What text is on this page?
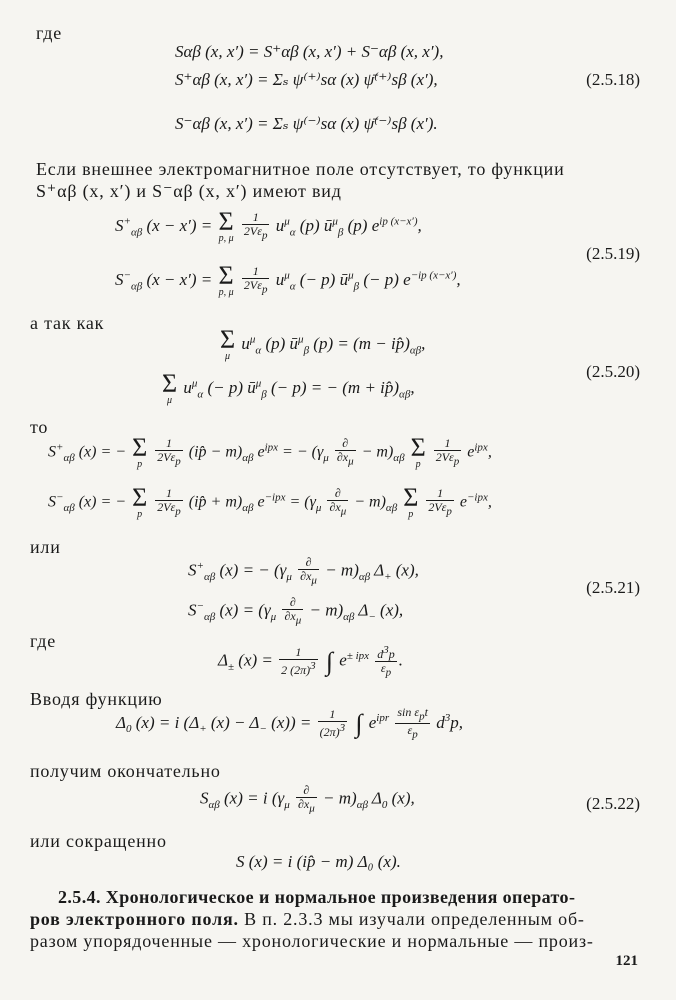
где
Sαβ (x, x′) = S⁺αβ (x, x′) + S⁻αβ (x, x′),
S⁺αβ (x, x′) = Σₛ ψ⁽⁺⁾sα (x) ψ̄⁽⁺⁾sβ (x′),	(2.5.18)
S⁻αβ (x, x′) = Σₛ ψ⁽⁻⁾sα (x) ψ̄⁽⁻⁾sβ (x′).
Если внешнее электромагнитное поле отсутствует, то функции
S⁺αβ (x, x′) и S⁻αβ (x, x′) имеют вид
$S^+_{\alpha\beta}$ (x − x′) = Σ
p, μ
$\frac{1}{2V\varepsilon_p} u^\mu_\alpha$ (p) $ū^\mu_\beta$ (p) $e^{ip (x-x')}$,
(2.5.19)
$S^-_{\alpha\beta}$ (x − x′) = Σ
p, μ
$\frac{1}{2V\varepsilon_p} u^\mu_\alpha$ (− p) $ū^\mu_\beta$ (− p) $e^{-ip (x-x')}$,
а так как
Σ
μ
$u^\mu_\alpha$ (p) $ū^\mu_\beta$ $(p) = (m - ip̂)_{\alpha\beta}$,
(2.5.20)
Σ
μ
$u^\mu_\alpha$ (− p) $ū^\mu_\beta$ (− p) = − $(m + ip̂)_{\alpha\beta}$,
то
$S^+_{\alpha\beta}$ (x) = − Σ
p
	$\frac{1}{2V\varepsilon_p}$ (ip̂ − $m)_{\alpha\beta}$ $e^{ipx}$ = − $(\gamma_\mu \frac{\partial}{\partial x_\mu} - m)_{\alpha\beta}$ Σ
p
	$\frac{1}{2V\varepsilon_p} e^{ipx}$,
$S^-_{\alpha\beta}$ (x) = − Σ
p
	$\frac{1}{2V\varepsilon_p}$ (ip̂ + $m)_{\alpha\beta}$ $e^{-ipx} = (\gamma_\mu \frac{\partial}{\partial x_\mu} - m)_{\alpha\beta}$ Σ
p
	$\frac{1}{2V\varepsilon_p} e^{-ipx}$,
или
$S^+_{\alpha\beta}$ (x) = − $(\gamma_\mu \frac{\partial}{\partial x_\mu} - m)_{\alpha\beta}$ $\Delta_+$ (x),
(2.5.21)
$S^-_{\alpha\beta}$ $(x) = (\gamma_\mu \frac{\partial}{\partial x_\mu} - m)_{\alpha\beta}$ $\Delta_-$ (x),
где
$\Delta_\pm$ $(x) = \frac{1}{2 (2\pi)^3}$ ∫ $e^{\pm ipx} \frac{d^3p}{\varepsilon_p}$ .
Вводя функцию
$\Delta_0$ (x) = i ($\Delta_+$ $(x) - \Delta_-$ $(x)) = \frac{1}{(2\pi)^3}$ ∫ $e^{ipr} \frac{\sin \varepsilon_pt}{\varepsilon_p} d^3p$,
получим окончательно
$S_{\alpha\beta}$ (x) = i $(\gamma_\mu \frac{\partial}{\partial x_\mu} - m)_{\alpha\beta}$ $\Delta_0$ (x),	(2.5.22)
или сокращенно
S (x) = i (ip̂ − m) Δ₀ (x).
2.5.4. Хронологическое и нормальное произведения операто-
ров электронного поля. В п. 2.3.3 мы изучали определенным об-
разом упорядоченные — хронологические и нормальные — произ-
121
